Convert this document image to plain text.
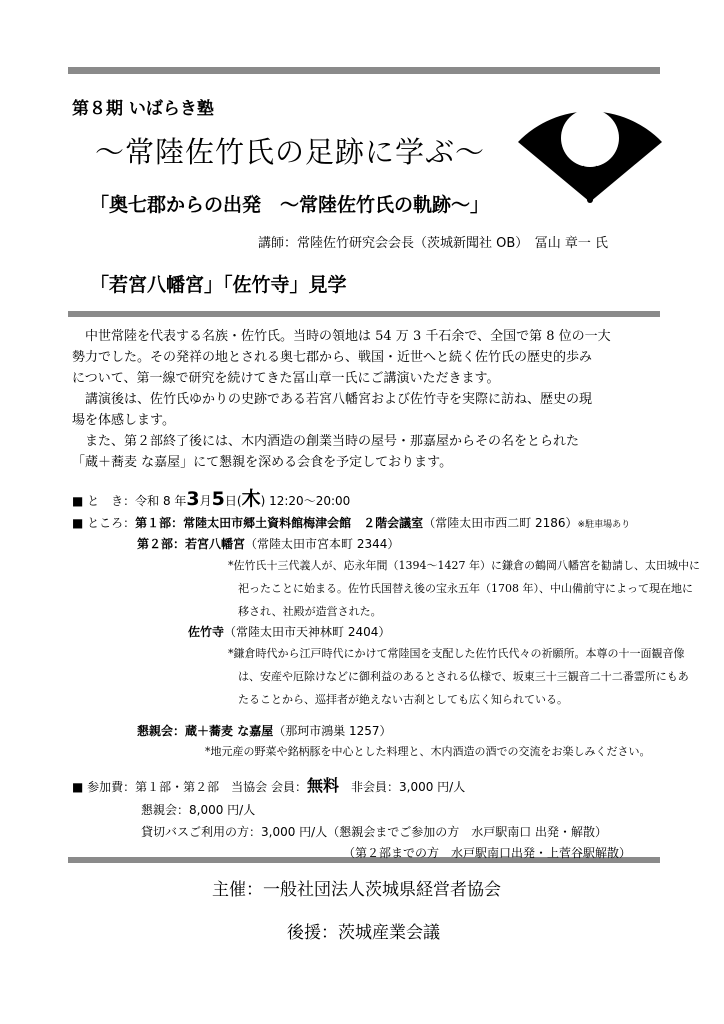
第８期 いばらき塾
～常陸佐竹氏の足跡に学ぶ～
「奥七郡からの出発　～常陸佐竹氏の軌跡～」
講師：常陸佐竹研究会会長（茨城新聞社 OB）　冨山 章一 氏
「若宮八幡宮」「佐竹寺」見学
中世常陸を代表する名族・佐竹氏。当時の領地は 54 万 3 千石余で、全国で第 8 位の一大
勢力でした。その発祥の地とされる奥七郡から、戦国・近世へと続く佐竹氏の歴史的歩み
について、第一線で研究を続けてきた冨山章一氏にご講演いただきます。
講演後は、佐竹氏ゆかりの史跡である若宮八幡宮および佐竹寺を実際に訪ね、歴史の現
場を体感します。
また、第２部終了後には、木内酒造の創業当時の屋号・那嘉屋からその名をとられた
「蔵＋蕎麦 な嘉屋」にて懇親を深める会食を予定しております。
■ と　き：令和 8 年3月5日(木) 12:20～20:00
■ ところ：第１部：常陸太田市郷土資料館梅津会館　２階会議室（常陸太田市西二町 2186）※駐車場あり
第２部：若宮八幡宮（常陸太田市宮本町 2344）
*佐竹氏十三代義人が、応永年間（1394～1427 年）に鎌倉の鶴岡八幡宮を勧請し、太田城中に
祀ったことに始まる。佐竹氏国替え後の宝永五年（1708 年）、中山備前守によって現在地に
移され、社殿が造営された。
佐竹寺（常陸太田市天神林町 2404）
*鎌倉時代から江戸時代にかけて常陸国を支配した佐竹氏代々の祈願所。本尊の十一面観音像
は、安産や厄除けなどに御利益のあるとされる仏様で、坂東三十三観音二十二番霊所にもあ
たることから、巡拝者が絶えない古刹としても広く知られている。
懇親会：蔵＋蕎麦 な嘉屋（那珂市鴻巣 1257）
*地元産の野菜や銘柄豚を中心とした料理と、木内酒造の酒での交流をお楽しみください。
■ 参加費：第１部・第２部　当協会 会員：無料　非会員：3,000 円/人
懇親会：8,000 円/人
貸切バスご利用の方：3,000 円/人（懇親会までご参加の方　水戸駅南口 出発・解散）
（第２部までの方　水戸駅南口出発・上菅谷駅解散）
主催：一般社団法人茨城県経営者協会
後援：茨城産業会議
